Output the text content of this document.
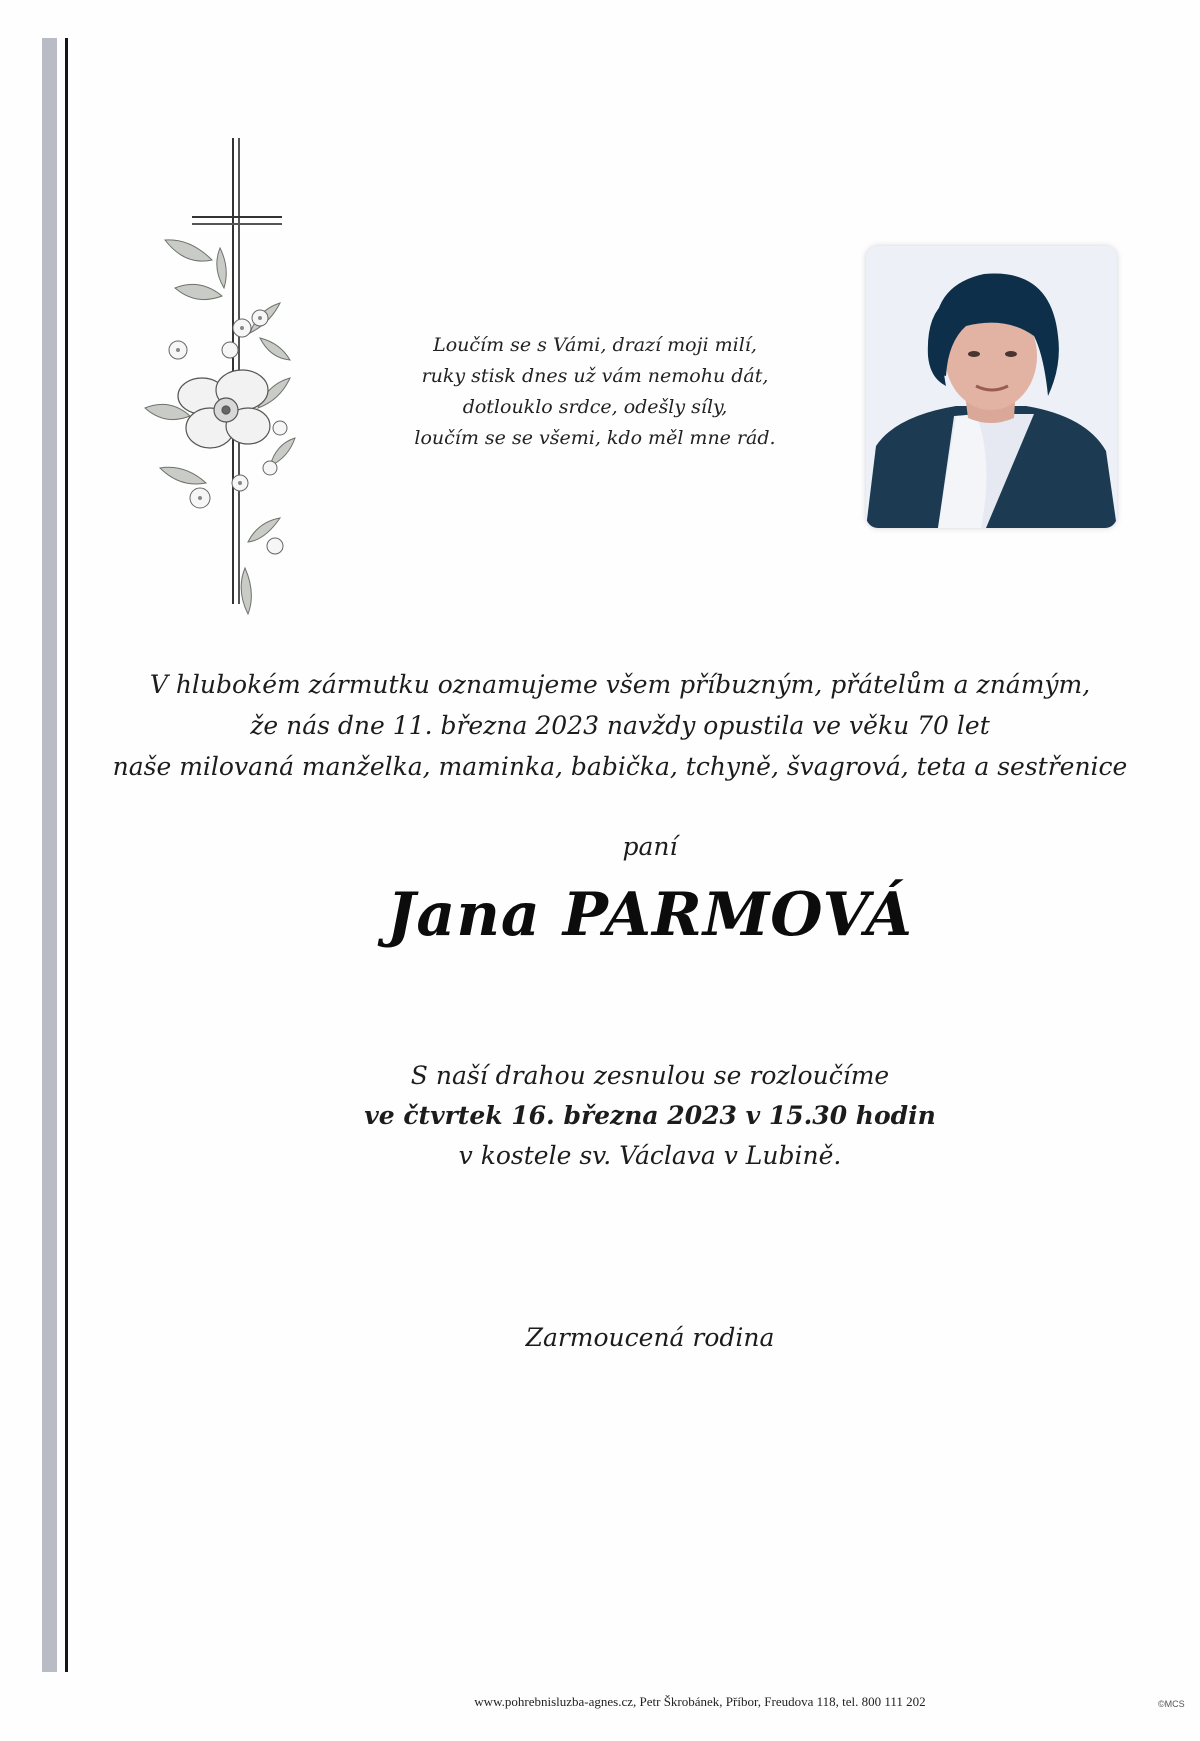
Loučím se s Vámi, drazí moji milí,
ruky stisk dnes už vám nemohu dát,
dotlouklo srdce, odešly síly,
loučím se se všemi, kdo měl mne rád.
V hlubokém zármutku oznamujeme všem příbuzným, přátelům a známým,
že nás dne 11. března 2023 navždy opustila ve věku 70 let
naše milovaná manželka, maminka, babička, tchyně, švagrová, teta a sestřenice
paní
Jana PARMOVÁ
S naší drahou zesnulou se rozloučíme
ve čtvrtek 16. března 2023 v 15.30 hodin
v kostele sv. Václava v Lubině.
Zarmoucená rodina
www.pohrebnisluzba-agnes.cz, Petr Škrobánek, Příbor, Freudova 118, tel. 800 111 202	©MCS
